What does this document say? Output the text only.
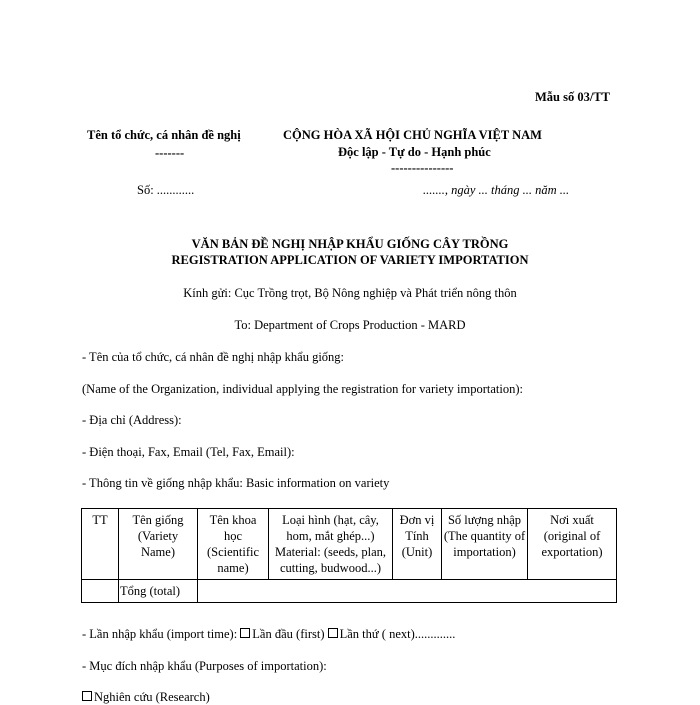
Mẫu số 03/TT
Tên tổ chức, cá nhân đề nghị
-------
CỘNG HÒA XÃ HỘI CHỦ NGHĨA VIỆT NAM
Độc lập - Tự do - Hạnh phúc
---------------
Số: ............	......., ngày ... tháng ... năm ...
VĂN BẢN ĐỀ NGHỊ NHẬP KHẨU GIỐNG CÂY TRỒNG
REGISTRATION APPLICATION OF VARIETY IMPORTATION
Kính gửi: Cục Trồng trọt, Bộ Nông nghiệp và Phát triển nông thôn
To: Department of Crops Production - MARD
- Tên của tổ chức, cá nhân đề nghị nhập khẩu giống:
(Name of the Organization, individual applying the registration for variety importation):
- Địa chỉ (Address):
- Điện thoại, Fax, Email (Tel, Fax, Email):
- Thông tin về giống nhập khẩu: Basic information on variety
TT	Tên giống (Variety Name)	Tên khoa học (Scientific name)	Loại hình (hạt, cây, hom, mắt ghép...) Material: (seeds, plan, cutting, budwood...)	Đơn vị Tính (Unit)	Số lượng nhập (The quantity of importation)	Nơi xuất (original of exportation)
	Tổng (total)					
- Lần nhập khẩu (import time): Lần đầu (first) Lần thứ ( next).............
- Mục đích nhập khẩu (Purposes of importation):
Nghiên cứu (Research)
